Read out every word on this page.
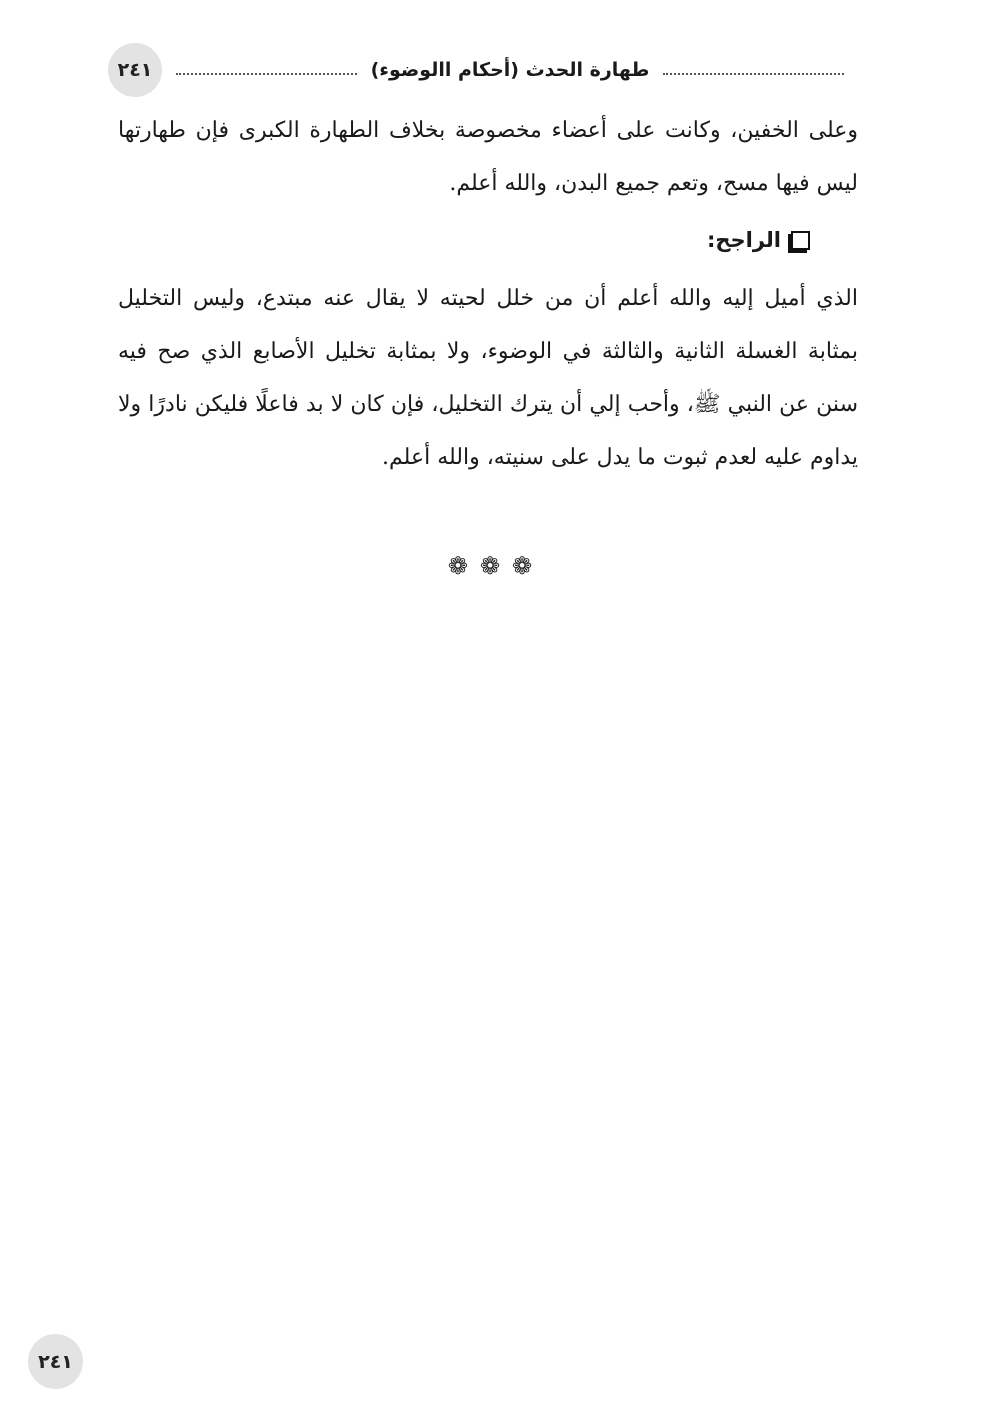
٢٤١	طهارة الحدث (أحكام االوضوء)

وعلى الخفين، وكانت على أعضاء مخصوصة بخلاف الطهارة الكبرى فإن طهارتها ليس فيها مسح، وتعم جميع البدن، والله أعلم.

الراجح:

الذي أميل إليه والله أعلم أن من خلل لحيته لا يقال عنه مبتدع، وليس التخليل بمثابة الغسلة الثانية والثالثة في الوضوء، ولا بمثابة تخليل الأصابع الذي صح فيه سنن عن النبي ﷺ، وأحب إلي أن يترك التخليل، فإن كان لا بد فاعلًا فليكن نادرًا ولا يداوم عليه لعدم ثبوت ما يدل على سنيته، والله أعلم.

❁ ❁ ❁
٢٤١
